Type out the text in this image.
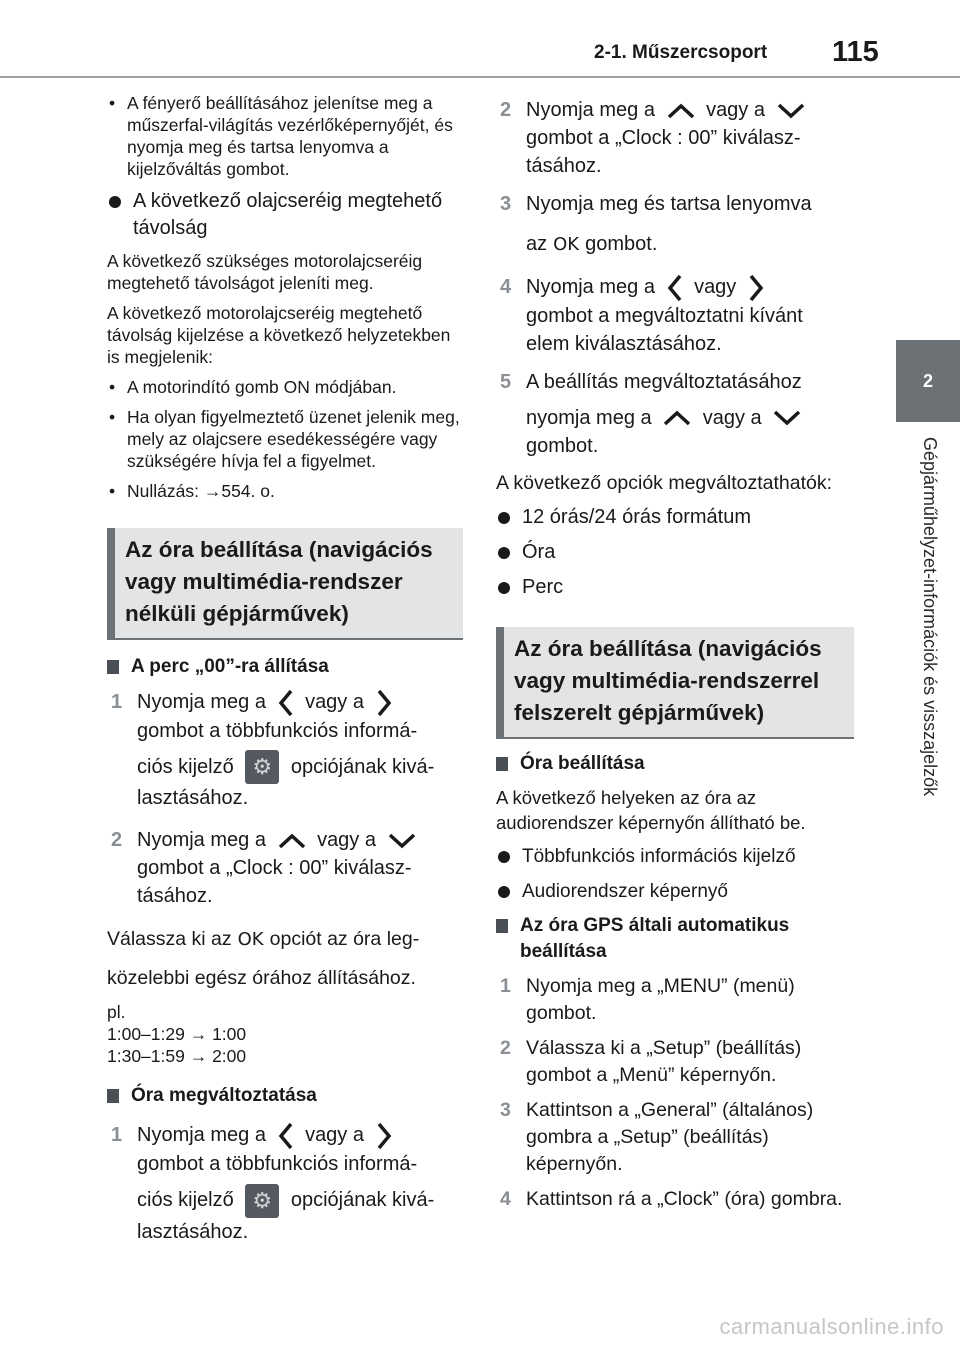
2-1. Műszercsoport 115
2
Gépjárműhelyzet-információk és visszajelzők
• A fényerő beállításához jelenítse meg a műszerfal-világítás vezérlőképernyőjét, és nyomja meg és tartsa lenyomva a kijelzőváltás gombot.
A következő olajcseréig megtehető távolság
A következő szükséges motorolajcseréig megtehető távolságot jeleníti meg.
A következő motorolajcseréig megtehető távolság kijelzése a következő helyzetekben is megjelenik:
• A motorindító gomb ON módjában.
• Ha olyan figyelmeztető üzenet jelenik meg, mely az olajcsere esedékességére vagy szükségére hívja fel a figyelmet.
• Nullázás: →554. o.
Az óra beállítása (navigációs vagy multimédia-rendszer nélküli gépjárművek)
A perc „00”-ra állítása
1 Nyomja meg a vagy a
gombot a többfunkciós informá-
ciós kijelző ⚙ opciójának kivá-
lasztásához.
2 Nyomja meg a	vagy a
gombot a „Clock : 00” kiválasz-
tásához.
Válassza ki az OK opciót az óra leg-
közelebbi egész órához állításához.
pl.
1:00–1:29 → 1:00
1:30–1:59 → 2:00
Óra megváltoztatása
1 Nyomja meg a vagy a
gombot a többfunkciós informá-
ciós kijelző ⚙ opciójának kivá-
lasztásához.
2 Nyomja meg a	vagy a
gombot a „Clock : 00” kiválasz-
tásához.
3 Nyomja meg és tartsa lenyomva
az OK gombot.
4 Nyomja meg a vagy
gombot a megváltoztatni kívánt
elem kiválasztásához.
5 A beállítás megváltoztatásához
nyomja meg a	vagy a
gombot.
A következő opciók megváltoztathatók:
12 órás/24 órás formátum
Óra
Perc
Az óra beállítása (navigációs vagy multimédia-rendszerrel felszerelt gépjárművek)
Óra beállítása
A következő helyeken az óra az audiorendszer képernyőn állítható be.
Többfunkciós információs kijelző
Audiorendszer képernyő
Az óra GPS általi automatikus beállítása
1 Nyomja meg a „MENU” (menü) gombot.
2 Válassza ki a „Setup” (beállítás) gombot a „Menü” képernyőn.
3 Kattintson a „General” (általános) gombra a „Setup” (beállítás) képernyőn.
4 Kattintson rá a „Clock” (óra) gombra.
carmanualsonline.info
